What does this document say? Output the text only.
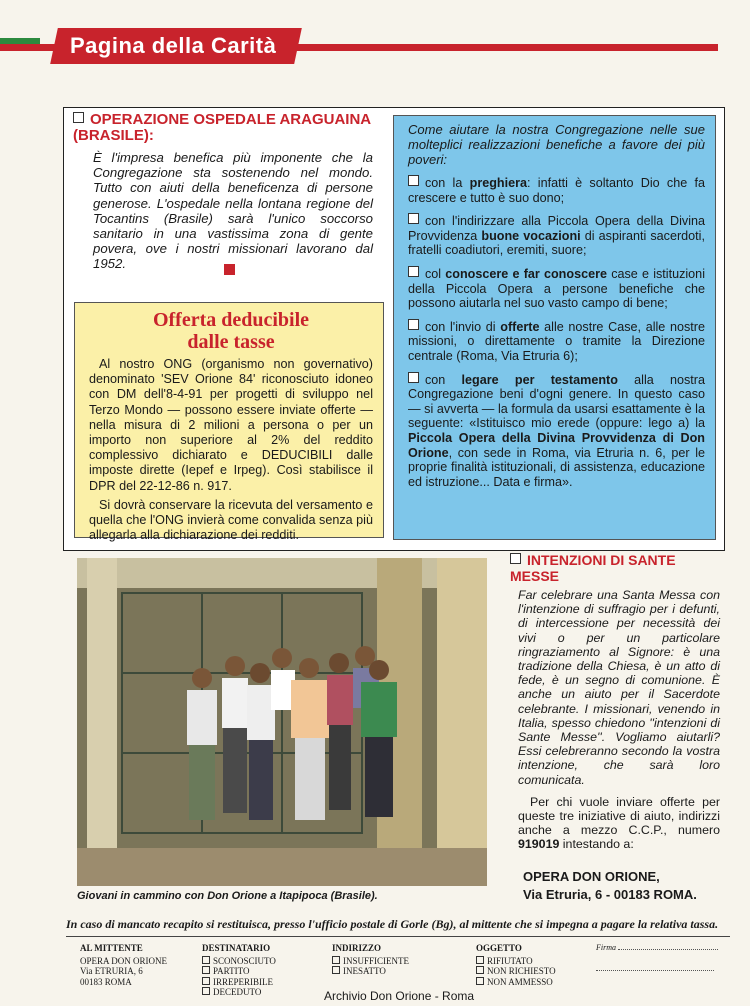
Pagina della Carità

OPERAZIONE OSPEDALE ARAGUAINA (BRASILE):

È l'impresa benefica più imponente che la Congregazione sta sostenendo nel mondo. Tutto con aiuti della beneficenza di persone generose. L'ospedale nella lontana regione del Tocantins (Brasile) sarà l'unico soccorso sanitario in una vastissima zona di gente povera, ove i nostri missionari lavorano dal 1952.

Offerta deducibile
dalle tasse

Al nostro ONG (organismo non governativo) denominato 'SEV Orione 84' riconosciuto idoneo con DM dell'8-4-91 per progetti di sviluppo nel Terzo Mondo — possono essere inviate offerte — nella misura di 2 milioni a persona o per un importo non superiore al 2% del reddito complessivo dichiarato e DEDUCIBILI dalle imposte dirette (Iepef e Irpeg). Così stabilisce il DPR del 22-12-86 n. 917.

Si dovrà conservare la ricevuta del versamento e quella che l'ONG invierà come convalida senza più allegarla alla dichiarazione dei redditi.

Come aiutare la nostra Congregazione nelle sue molteplici realizzazioni benefiche a favore dei più poveri:

con la preghiera: infatti è soltanto Dio che fa crescere e tutto è suo dono;

con l'indirizzare alla Piccola Opera della Divina Provvidenza buone vocazioni di aspiranti sacerdoti, fratelli coadiutori, eremiti, suore;

col conoscere e far conoscere case e istituzioni della Piccola Opera a persone benefiche che possono aiutarla nel suo vasto campo di bene;

con l'invio di offerte alle nostre Case, alle nostre missioni, o direttamente o tramite la Direzione centrale (Roma, Via Etruria 6);

con legare per testamento alla nostra Congregazione beni d'ogni genere. In questo caso — si avverta — la formula da usarsi esattamente è la seguente: «Istituisco mio erede (oppure: lego a) la Piccola Opera della Divina Provvidenza di Don Orione, con sede in Roma, via Etruria n. 6, per le proprie finalità istituzionali, di assistenza, educazione ed istruzione... Data e firma».

Giovani in cammino con Don Orione a Itapipoca (Brasile).

INTENZIONI DI SANTE MESSE

Far celebrare una Santa Messa con l'intenzione di suffragio per i defunti, di intercessione per necessità dei vivi o per un particolare ringraziamento al Signore: è una tradizione della Chiesa, è un atto di fede, è un segno di comunione. È anche un aiuto per il Sacerdote celebrante. I missionari, venendo in Italia, spesso chiedono ''intenzioni di Sante Messe''. Vogliamo aiutarli? Essi celebreranno secondo la vostra intenzione, che sarà loro comunicata.

Per chi vuole inviare offerte per queste tre iniziative di aiuto, indirizzi anche a mezzo C.C.P., numero 919019 intestando a:

OPERA DON ORIONE,
Via Etruria, 6 - 00183 ROMA.
In caso di mancato recapito si restituisca, presso l'ufficio postale di Gorle (Bg), al mittente che si impegna a pagare la relativa tassa.
AL MITTENTE
OPERA DON ORIONE
Via ETRURIA, 6
00183 ROMA
DESTINATARIO
SCONOSCIUTO
PARTITO
IRREPERIBILE
DECEDUTO
INDIRIZZO
INSUFFICIENTE
INESATTO
OGGETTO
RIFIUTATO
NON RICHIESTO
NON AMMESSO
Firma

Archivio Don Orione - Roma
